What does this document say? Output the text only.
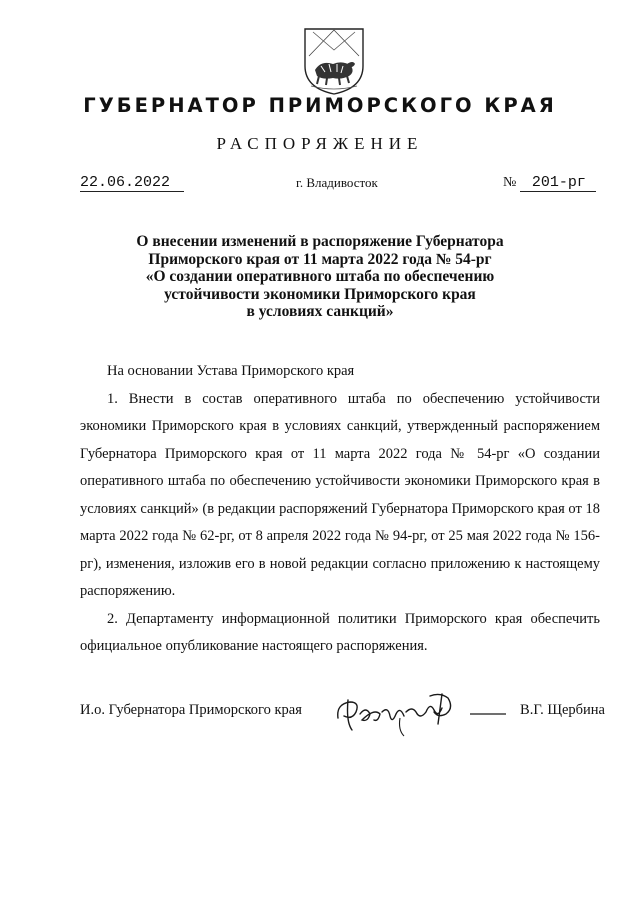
ГУБЕРНАТОР ПРИМОРСКОГО КРАЯ
РАСПОРЯЖЕНИЕ
22.06.2022	г. Владивосток	№ 201-рг
О внесении изменений в распоряжение Губернатора
Приморского края от 11 марта 2022 года № 54-рг
«О создании оперативного штаба по обеспечению
устойчивости экономики Приморского края
в условиях санкций»

На основании Устава Приморского края

1. Внести в состав оперативного штаба по обеспечению устойчивости экономики Приморского края в условиях санкций, утвержденный распоряжением Губернатора Приморского края от 11 марта 2022 года № 54-рг «О создании оперативного штаба по обеспечению устойчивости экономики Приморского края в условиях санкций» (в редакции распоряжений Губернатора Приморского края от 18 марта 2022 года № 62-рг, от 8 апреля 2022 года № 94-рг, от 25 мая 2022 года № 156-рг), изменения, изложив его в новой редакции согласно приложению к настоящему распоряжению.

2. Департаменту информационной политики Приморского края обеспечить официальное опубликование настоящего распоряжения.

И.о. Губернатора Приморского края	В.Г. Щербина
